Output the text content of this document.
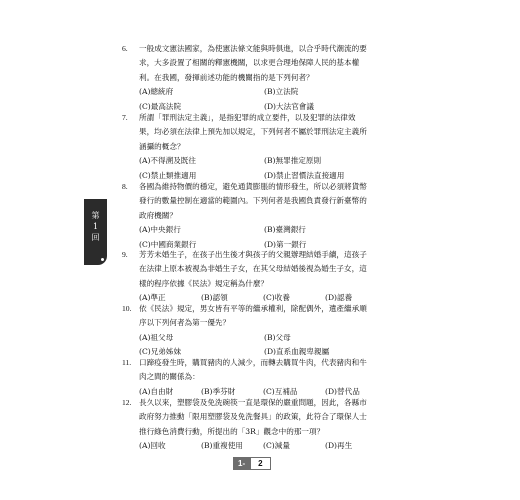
第
1
回
6. 一般成文憲法國家，為使憲法條文能與時俱進，以合乎時代潮流的要
求，大多設置了相關的釋憲機關，以求更合理地保障人民的基本權
利。在我國，發揮前述功能的機關指的是下列何者？
(A)總統府	(B)立法院
(C)最高法院	(D)大法官會議
7. 所謂「罪刑法定主義」，是指犯罪的成立要件，以及犯罪的法律效
果，均必須在法律上預先加以規定，下列何者不屬於罪刑法定主義所
涵攝的概念？
(A)不得溯及既往	(B)無罪推定原則
(C)禁止類推適用	(D)禁止習慣法直接適用
8. 各國為維持物價的穩定，避免通貨膨脹的情形發生，所以必須將貨幣
發行的數量控制在適當的範圍內。下列何者是我國負責發行新臺幣的
政府機關？
(A)中央銀行	(B)臺灣銀行
(C)中國商業銀行	(D)第一銀行
9. 芳芳未婚生子，在孩子出生後才與孩子的父親辦理結婚手續，這孩子
在法律上原本被視為非婚生子女，在其父母結婚後視為婚生子女，這
樣的程序依據《民法》規定稱為什麼？
(A)準正	(B)認領	(C)收養	(D)認養
10. 依《民法》規定，男女皆有平等的繼承權利，除配偶外，遺產繼承順
序以下列何者為第一優先？
(A)祖父母	(B)父母
(C)兄弟姊妹	(D)直系血親卑親屬
11. 口蹄疫發生時，購買豬肉的人減少，而轉去購買牛肉，代表豬肉和牛
肉之間的關係為：
(A)自由財	(B)季芬財	(C)互補品	(D)替代品
12. 長久以來，塑膠袋及免洗碗筷一直是環保的嚴重問題，因此，各縣市
政府努力推動「限用塑膠袋及免洗餐具」的政策，此符合了環保人士
推行綠色消費行動，所提出的「3R」觀念中的那一項？
(A)回收	(B)重複使用	(C)減量	(D)再生
1-	2
